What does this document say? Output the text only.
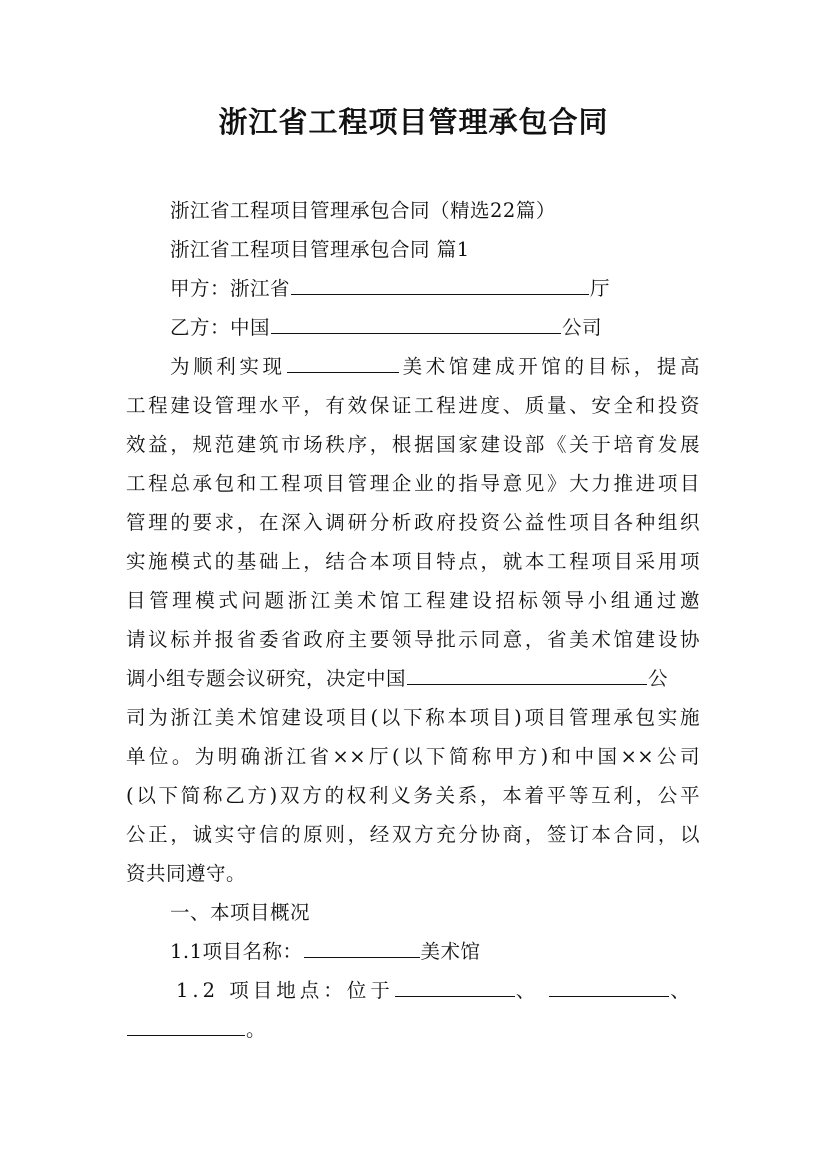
浙江省工程项目管理承包合同
浙江省工程项目管理承包合同（精选22篇）
浙江省工程项目管理承包合同 篇1
甲方：浙江省	厅
乙方：中国	公司
为顺利实现	美术馆建成开馆的目标，提高
工程建设管理水平，有效保证工程进度、质量、安全和投资
效益，规范建筑市场秩序，根据国家建设部《关于培育发展
工程总承包和工程项目管理企业的指导意见》大力推进项目
管理的要求，在深入调研分析政府投资公益性项目各种组织
实施模式的基础上，结合本项目特点，就本工程项目采用项
目管理模式问题浙江美术馆工程建设招标领导小组通过邀
请议标并报省委省政府主要领导批示同意，省美术馆建设协
调小组专题会议研究，决定中国	公
司为浙江美术馆建设项目(以下称本项目)项目管理承包实施
单位。为明确浙江省××厅(以下简称甲方)和中国××公司
(以下简称乙方)双方的权利义务关系，本着平等互利，公平
公正，诚实守信的原则，经双方充分协商，签订本合同，以
资共同遵守。
一、本项目概况
1.1项目名称：	美术馆
1.2 项目地点：位于	、	、
。
